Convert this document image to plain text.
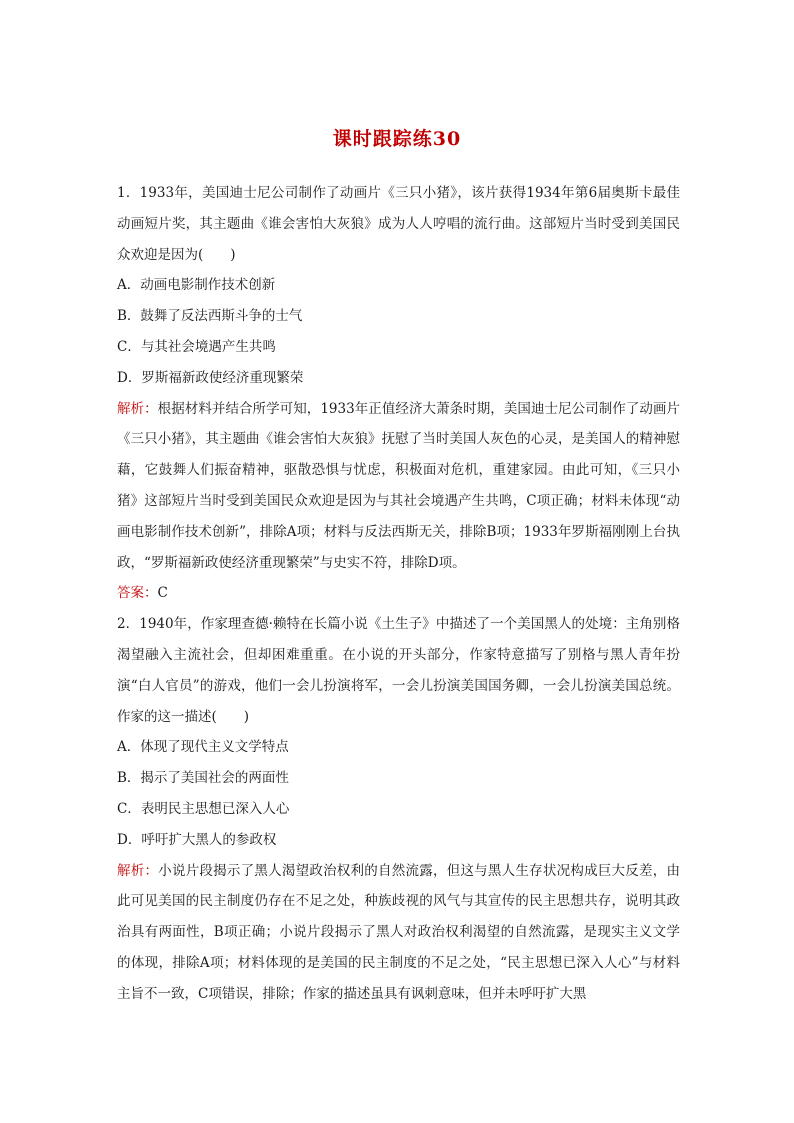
课时跟踪练30

1．1933年，美国迪士尼公司制作了动画片《三只小猪》，该片获得1934年第6届奥斯卡最佳动画短片奖，其主题曲《谁会害怕大灰狼》成为人人哼唱的流行曲。这部短片当时受到美国民众欢迎是因为(　　)

A．动画电影制作技术创新

B．鼓舞了反法西斯斗争的士气

C．与其社会境遇产生共鸣

D．罗斯福新政使经济重现繁荣

解析：根据材料并结合所学可知，1933年正值经济大萧条时期，美国迪士尼公司制作了动画片《三只小猪》，其主题曲《谁会害怕大灰狼》抚慰了当时美国人灰色的心灵，是美国人的精神慰藉，它鼓舞人们振奋精神，驱散恐惧与忧虑，积极面对危机，重建家园。由此可知，《三只小猪》这部短片当时受到美国民众欢迎是因为与其社会境遇产生共鸣，C项正确；材料未体现“动画电影制作技术创新”，排除A项；材料与反法西斯无关，排除B项；1933年罗斯福刚刚上台执政，“罗斯福新政使经济重现繁荣”与史实不符，排除D项。

答案：C

2．1940年，作家理查德·赖特在长篇小说《土生子》中描述了一个美国黑人的处境：主角别格渴望融入主流社会，但却困难重重。在小说的开头部分，作家特意描写了别格与黑人青年扮演“白人官员”的游戏，他们一会儿扮演将军，一会儿扮演美国国务卿，一会儿扮演美国总统。作家的这一描述(　　)

A．体现了现代主义文学特点

B．揭示了美国社会的两面性

C．表明民主思想已深入人心

D．呼吁扩大黑人的参政权

解析：小说片段揭示了黑人渴望政治权利的自然流露，但这与黑人生存状况构成巨大反差，由此可见美国的民主制度仍存在不足之处，种族歧视的风气与其宣传的民主思想共存，说明其政治具有两面性，B项正确；小说片段揭示了黑人对政治权利渴望的自然流露，是现实主义文学的体现，排除A项；材料体现的是美国的民主制度的不足之处，“民主思想已深入人心”与材料主旨不一致，C项错误，排除；作家的描述虽具有讽刺意味，但并未呼吁扩大黑
